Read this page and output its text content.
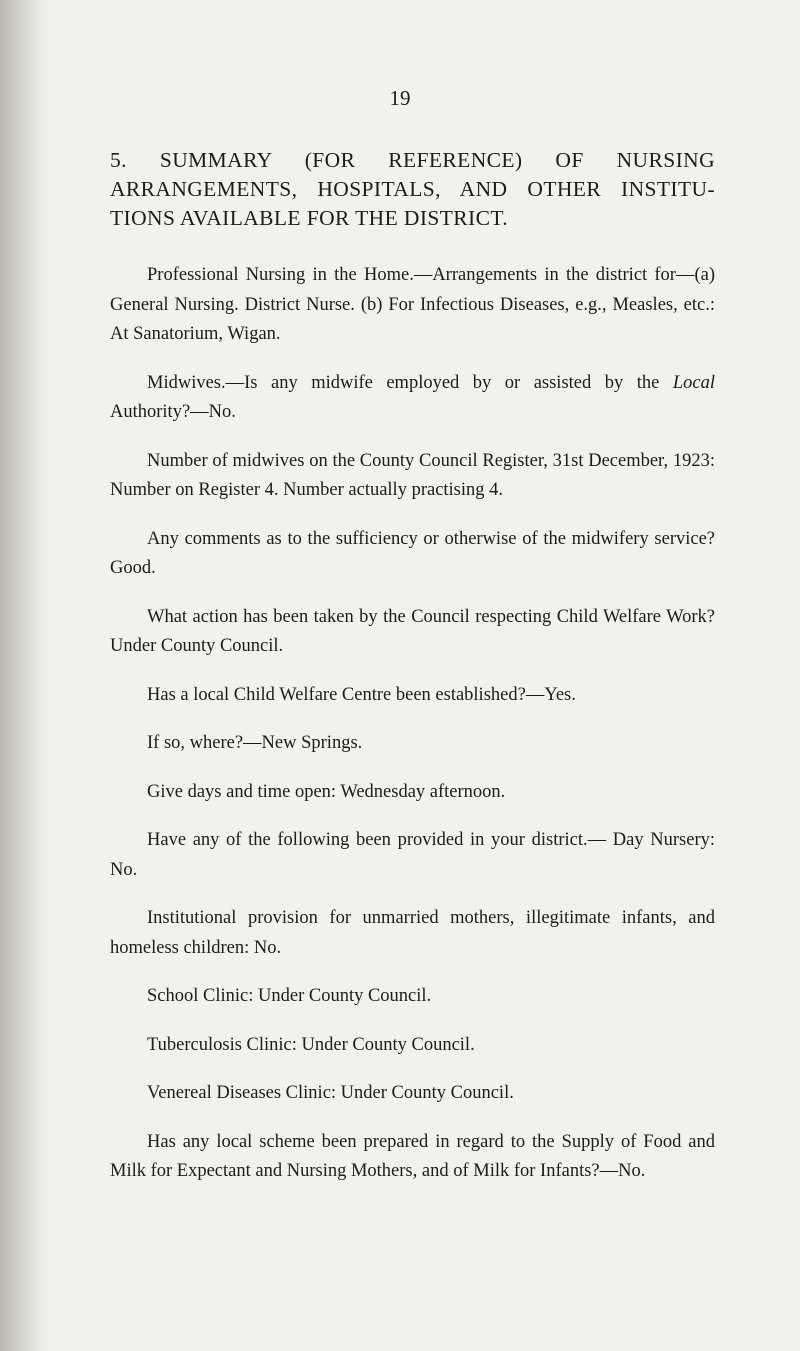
19
5. SUMMARY (FOR REFERENCE) OF NURSING ARRANGEMENTS, HOSPITALS, AND OTHER INSTITU-TIONS AVAILABLE FOR THE DISTRICT.

Professional Nursing in the Home.—Arrangements in the district for—(a) General Nursing. District Nurse. (b) For Infectious Diseases, e.g., Measles, etc.: At Sanatorium, Wigan.

Midwives.—Is any midwife employed by or assisted by the Local Authority?—No.

Number of midwives on the County Council Register, 31st December, 1923: Number on Register 4. Number actually practising 4.

Any comments as to the sufficiency or otherwise of the midwifery service? Good.

What action has been taken by the Council respecting Child Welfare Work? Under County Council.

Has a local Child Welfare Centre been established?—Yes.

If so, where?—New Springs.

Give days and time open: Wednesday afternoon.

Have any of the following been provided in your district.— Day Nursery: No.

Institutional provision for unmarried mothers, illegitimate infants, and homeless children: No.

School Clinic: Under County Council.

Tuberculosis Clinic: Under County Council.

Venereal Diseases Clinic: Under County Council.

Has any local scheme been prepared in regard to the Supply of Food and Milk for Expectant and Nursing Mothers, and of Milk for Infants?—No.
